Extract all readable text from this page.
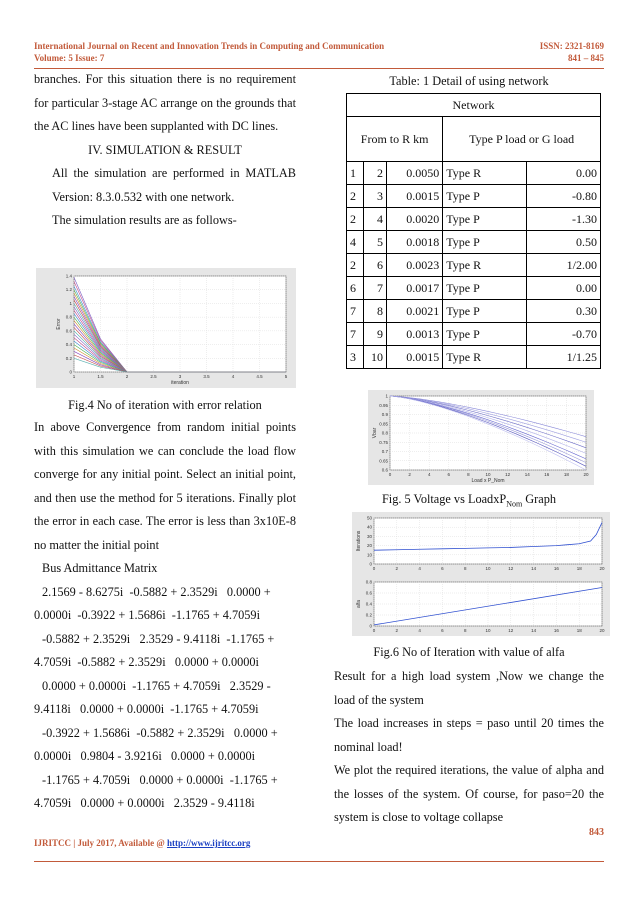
International Journal on Recent and Innovation Trends in Computing and Communication
Volume: 5 Issue: 7
ISSN: 2321-8169
841 – 845
branches. For this situation there is no requirement for particular 3-stage AC arrange on the grounds that the AC lines have been supplanted with DC lines.
IV. SIMULATION & RESULT
All the simulation are performed in MATLAB Version: 8.3.0.532 with one network.
The simulation results are as follows-
1	1.5	2	2.5	3	3.5	4	4.5	5
0
0.2
0.4
0.6
0.8
1
1.2
1.4
Error
iteration
Fig.4 No of iteration with error relation
In above Convergence from random initial points with this simulation we can conclude the load flow converge for any initial point. Select an initial point, and then use the method for 5 iterations. Finally plot the error in each case. The error is less than 3x10E-8 no matter the initial point
Bus Admittance Matrix
2.1569 - 8.6275i  -0.5882 + 2.3529i   0.0000 +
0.0000i  -0.3922 + 1.5686i  -1.1765 + 4.7059i
-0.5882 + 2.3529i   2.3529 - 9.4118i  -1.1765 +
4.7059i  -0.5882 + 2.3529i   0.0000 + 0.0000i
0.0000 + 0.0000i  -1.1765 + 4.7059i   2.3529 -
9.4118i   0.0000 + 0.0000i  -1.1765 + 4.7059i
-0.3922 + 1.5686i  -0.5882 + 2.3529i   0.0000 +
0.0000i   0.9804 - 3.9216i   0.0000 + 0.0000i
-1.1765 + 4.7059i   0.0000 + 0.0000i  -1.1765 +
4.7059i   0.0000 + 0.0000i   2.3529 - 9.4118i
Table: 1 Detail of using network
Network				
From to R km			Type P load or G load	
1	2	0.0050	Type R	0.00
2	3	0.0015	Type P	-0.80
2	4	0.0020	Type P	-1.30
4	5	0.0018	Type P	0.50
2	6	0.0023	Type R	1/2.00
6	7	0.0017	Type P	0.00
7	8	0.0021	Type P	0.30
7	9	0.0013	Type P	-0.70
3	10	0.0015	Type R	1/1.25
0	2	4	6	8	10	12	14	16	18	20
0.6
0.65
0.7
0.75
0.8
0.85
0.9
0.95
1
Vbar
Load x P_Nom
Fig. 5 Voltage vs LoadxP$_{Nom}$ Graph
0	2	4	6	8	10	12	14	16	18	20
0
10
20
30
40
50
Iterations
0	2	4	6	8	10	12	14	16	18	20
0
0.2
0.4
0.6
0.8
alfa
Fig.6 No of Iteration with value of alfa
Result for a high load system ,Now we change the load of the system
The load increases in steps = paso until 20 times the nominal load!
We plot the required iterations, the value of alpha and the losses of the system. Of course, for paso=20 the system is close to voltage collapse
843
IJRITCC | July 2017, Available @ http://www.ijritcc.org
